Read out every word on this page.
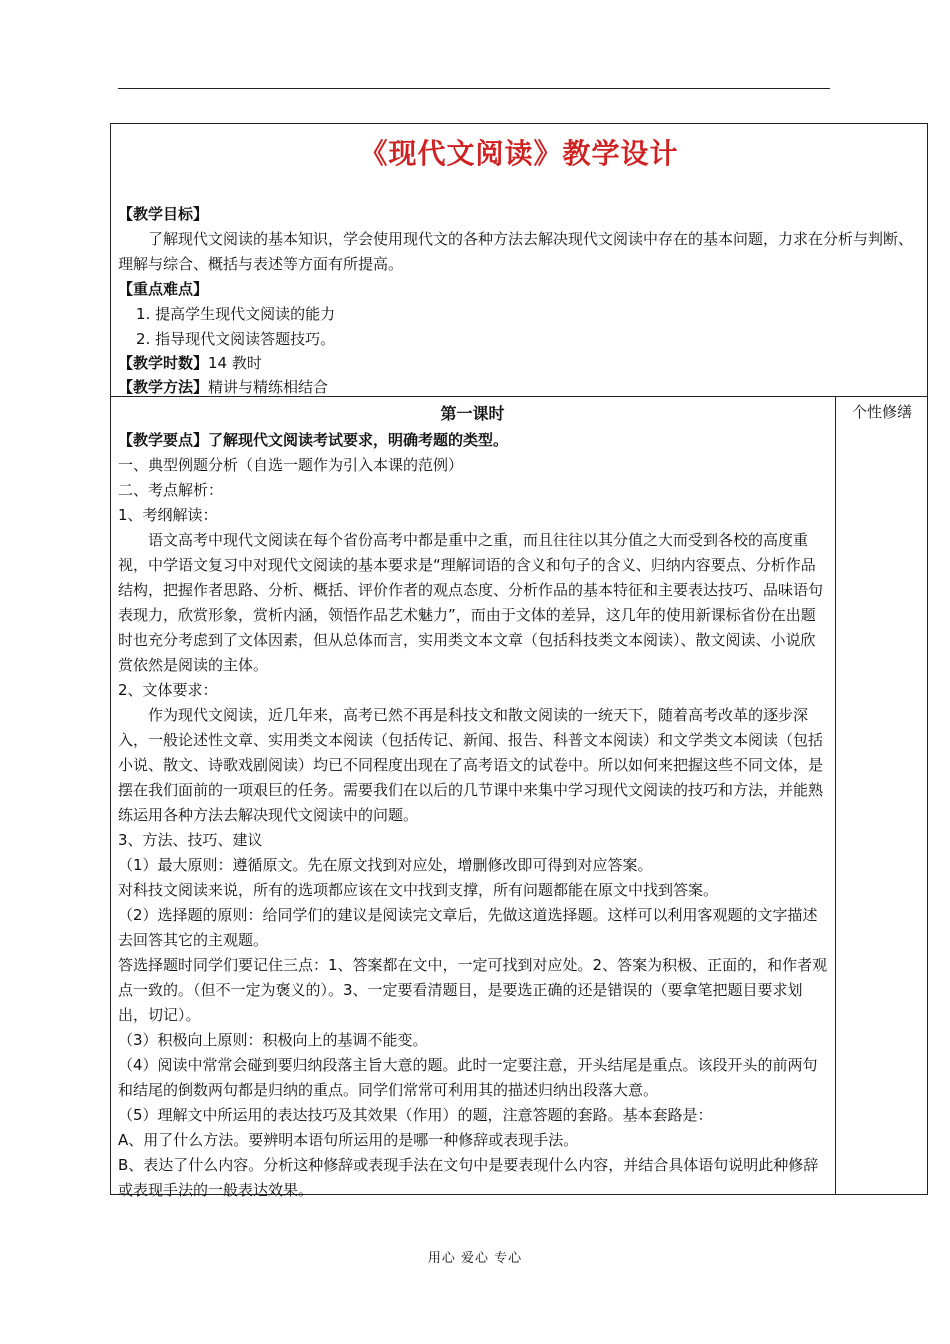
《现代文阅读》教学设计
【教学目标】
了解现代文阅读的基本知识，学会使用现代文的各种方法去解决现代文阅读中存在的基本问题，力求在分析与判断、理解与综合、概括与表述等方面有所提高。
【重点难点】
1. 提高学生现代文阅读的能力
2. 指导现代文阅读答题技巧。
【教学时数】14 教时
【教学方法】精讲与精练相结合
第一课时	个性修缮

【教学要点】了解现代文阅读考试要求，明确考题的类型。

一、典型例题分析（自选一题作为引入本课的范例）

二、考点解析：

1、考纲解读：

语文高考中现代文阅读在每个省份高考中都是重中之重，而且往往以其分值之大而受到各校的高度重视，中学语文复习中对现代文阅读的基本要求是“理解词语的含义和句子的含义、归纳内容要点、分析作品结构，把握作者思路、分析、概括、评价作者的观点态度、分析作品的基本特征和主要表达技巧、品味语句表现力，欣赏形象，赏析内涵，领悟作品艺术魅力”，而由于文体的差异，这几年的使用新课标省份在出题时也充分考虑到了文体因素，但从总体而言，实用类文本文章（包括科技类文本阅读）、散文阅读、小说欣赏依然是阅读的主体。

2、文体要求：

作为现代文阅读，近几年来，高考已然不再是科技文和散文阅读的一统天下，随着高考改革的逐步深入，一般论述性文章、实用类文本阅读（包括传记、新闻、报告、科普文本阅读）和文学类文本阅读（包括小说、散文、诗歌戏剧阅读）均已不同程度出现在了高考语文的试卷中。所以如何来把握这些不同文体，是摆在我们面前的一项艰巨的任务。需要我们在以后的几节课中来集中学习现代文阅读的技巧和方法，并能熟练运用各种方法去解决现代文阅读中的问题。

3、方法、技巧、建议

（1）最大原则：遵循原文。先在原文找到对应处，增删修改即可得到对应答案。

对科技文阅读来说，所有的选项都应该在文中找到支撑，所有问题都能在原文中找到答案。

（2）选择题的原则：给同学们的建议是阅读完文章后，先做这道选择题。这样可以利用客观题的文字描述去回答其它的主观题。

答选择题时同学们要记住三点：1、答案都在文中，一定可找到对应处。2、答案为积极、正面的，和作者观点一致的。（但不一定为褒义的）。3、一定要看清题目，是要选正确的还是错误的（要拿笔把题目要求划出，切记）。

（3）积极向上原则：积极向上的基调不能变。

（4）阅读中常常会碰到要归纳段落主旨大意的题。此时一定要注意，开头结尾是重点。该段开头的前两句和结尾的倒数两句都是归纳的重点。同学们常常可利用其的描述归纳出段落大意。

（5）理解文中所运用的表达技巧及其效果（作用）的题，注意答题的套路。基本套路是：

A、用了什么方法。要辨明本语句所运用的是哪一种修辞或表现手法。

B、表达了什么内容。分析这种修辞或表现手法在文句中是要表现什么内容，并结合具体语句说明此种修辞或表现手法的一般表达效果。

用心 爱心 专心
